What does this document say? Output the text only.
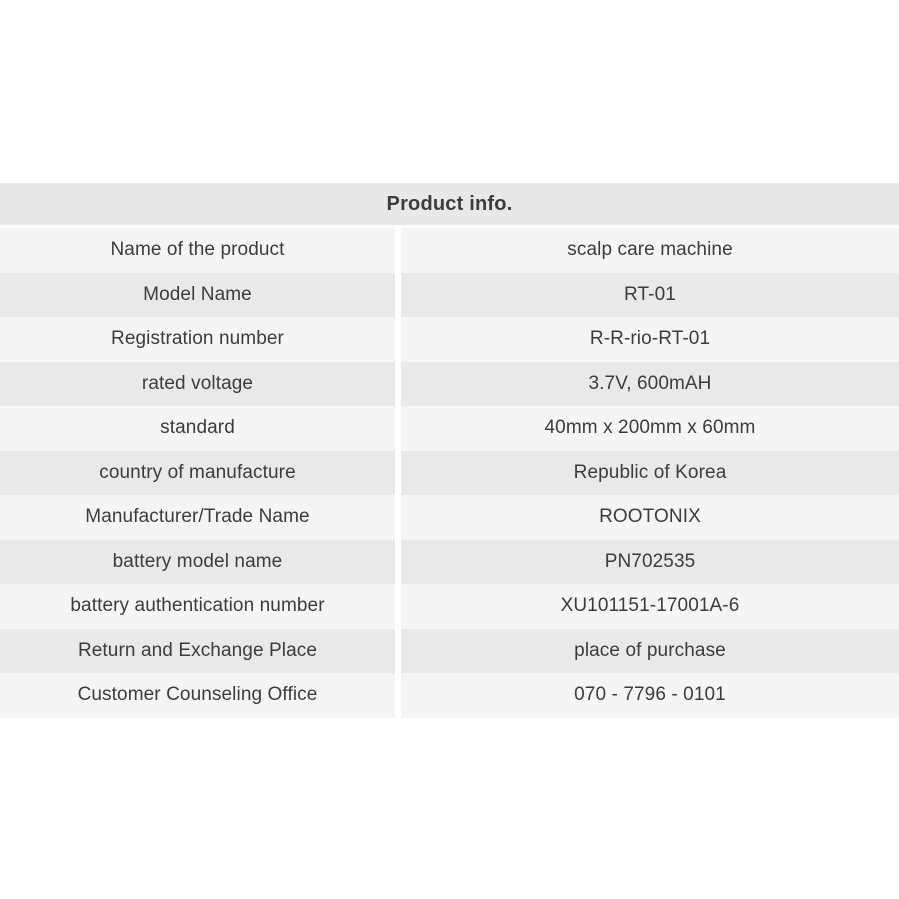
Product info.
Name of the product	scalp care machine
Model Name	RT-01
Registration number	R-R-rio-RT-01
rated voltage	3.7V, 600mAH
standard	40mm x 200mm x 60mm
country of manufacture	Republic of Korea
Manufacturer/Trade Name	ROOTONIX
battery model name	PN702535
battery authentication number	XU101151-17001A-6
Return and Exchange Place	place of purchase
Customer Counseling Office	070 - 7796 - 0101
